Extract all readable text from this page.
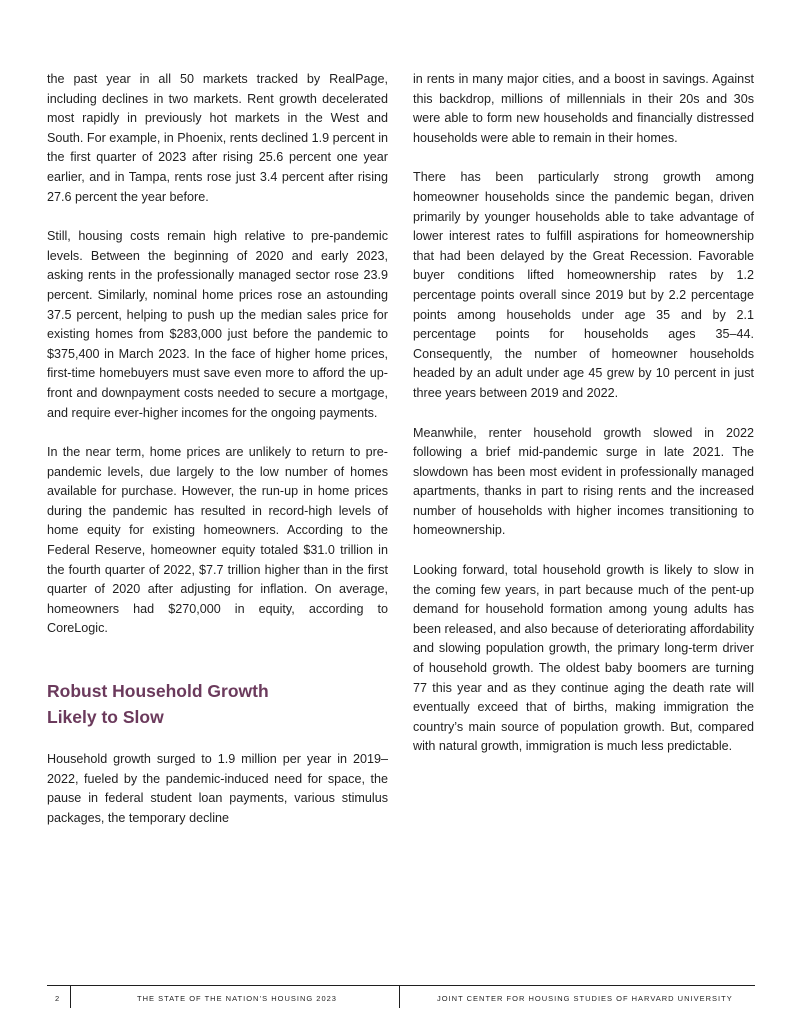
the past year in all 50 markets tracked by RealPage, including declines in two markets. Rent growth decelerated most rapidly in previously hot markets in the West and South. For example, in Phoenix, rents declined 1.9 percent in the first quarter of 2023 after rising 25.6 percent one year earlier, and in Tampa, rents rose just 3.4 percent after rising 27.6 percent the year before.

Still, housing costs remain high relative to pre-pandemic levels. Between the beginning of 2020 and early 2023, asking rents in the professionally managed sector rose 23.9 percent. Similarly, nominal home prices rose an astounding 37.5 percent, helping to push up the median sales price for existing homes from $283,000 just before the pandemic to $375,400 in March 2023. In the face of higher home prices, first-time homebuyers must save even more to afford the up-front and downpayment costs needed to secure a mortgage, and require ever-higher incomes for the ongoing payments.

In the near term, home prices are unlikely to return to pre-pandemic levels, due largely to the low number of homes available for purchase. However, the run-up in home prices during the pandemic has resulted in record-high levels of home equity for existing homeowners. According to the Federal Reserve, homeowner equity totaled $31.0 trillion in the fourth quarter of 2022, $7.7 trillion higher than in the first quarter of 2020 after adjusting for inflation. On average, homeowners had $270,000 in equity, according to CoreLogic.

Robust Household Growth
Likely to Slow

Household growth surged to 1.9 million per year in 2019–2022, fueled by the pandemic-induced need for space, the pause in federal student loan payments, various stimulus packages, the temporary decline

in rents in many major cities, and a boost in savings. Against this backdrop, millions of millennials in their 20s and 30s were able to form new households and financially distressed households were able to remain in their homes.

There has been particularly strong growth among homeowner households since the pandemic began, driven primarily by younger households able to take advantage of lower interest rates to fulfill aspirations for homeownership that had been delayed by the Great Recession. Favorable buyer conditions lifted homeownership rates by 1.2 percentage points overall since 2019 but by 2.2 percentage points among households under age 35 and by 2.1 percentage points for households ages 35–44. Consequently, the number of homeowner households headed by an adult under age 45 grew by 10 percent in just three years between 2019 and 2022.

Meanwhile, renter household growth slowed in 2022 following a brief mid-pandemic surge in late 2021. The slowdown has been most evident in professionally managed apartments, thanks in part to rising rents and the increased number of households with higher incomes transitioning to homeownership.

Looking forward, total household growth is likely to slow in the coming few years, in part because much of the pent-up demand for household formation among young adults has been released, and also because of deteriorating affordability and slowing population growth, the primary long-term driver of household growth. The oldest baby boomers are turning 77 this year and as they continue aging the death rate will eventually exceed that of births, making immigration the country’s main source of population growth. But, compared with natural growth, immigration is much less predictable.

2	THE STATE OF THE NATION’S HOUSING 2023	JOINT CENTER FOR HOUSING STUDIES OF HARVARD UNIVERSITY
